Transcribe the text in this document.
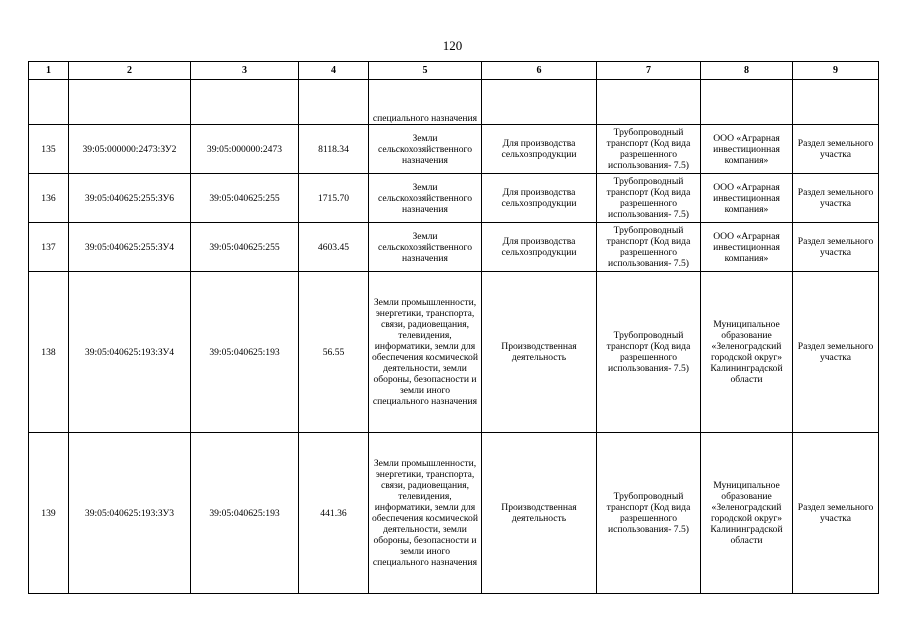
120
1	2	3	4	5	6	7	8	9
				специального назначения				
135	39:05:000000:2473:ЗУ2	39:05:000000:2473	8118.34	Земли сельскохозяйственного назначения	Для производства сельхозпродукции	Трубопроводный транспорт (Код вида разрешенного использования- 7.5)	ООО «Аграрная инвестиционная компания»	Раздел земельного участка
136	39:05:040625:255:ЗУ6	39:05:040625:255	1715.70	Земли сельскохозяйственного назначения	Для производства сельхозпродукции	Трубопроводный транспорт (Код вида разрешенного использования- 7.5)	ООО «Аграрная инвестиционная компания»	Раздел земельного участка
137	39:05:040625:255:ЗУ4	39:05:040625:255	4603.45	Земли сельскохозяйственного назначения	Для производства сельхозпродукции	Трубопроводный транспорт (Код вида разрешенного использования- 7.5)	ООО «Аграрная инвестиционная компания»	Раздел земельного участка
138	39:05:040625:193:ЗУ4	39:05:040625:193	56.55	Земли промышленности, энергетики, транспорта, связи, радиовещания, телевидения, информатики, земли для обеспечения космической деятельности, земли обороны, безопасности и земли иного специального назначения	Производственная деятельность	Трубопроводный транспорт (Код вида разрешенного использования- 7.5)	Муниципальное образование «Зеленоградский городской округ» Калининградской области	Раздел земельного участка
139	39:05:040625:193:ЗУ3	39:05:040625:193	441.36	Земли промышленности, энергетики, транспорта, связи, радиовещания, телевидения, информатики, земли для обеспечения космической деятельности, земли обороны, безопасности и земли иного специального назначения	Производственная деятельность	Трубопроводный транспорт (Код вида разрешенного использования- 7.5)	Муниципальное образование «Зеленоградский городской округ» Калининградской области	Раздел земельного участка
